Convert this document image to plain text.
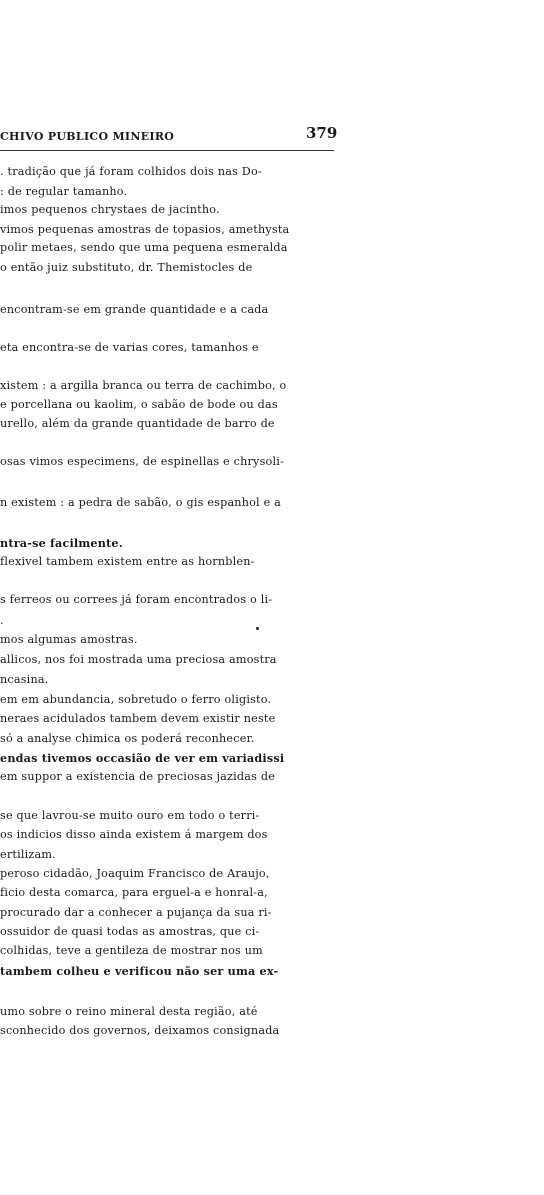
CHIVO PUBLICO MINEIRO	379
. tradição que já foram colhidos dois nas Do-
: de regular tamanho.
imos pequenos chrystaes de jacintho.
vimos pequenas amostras de topasios, amethysta
polir metaes, sendo que uma pequena esmeralda
o então juiz substituto, dr. Themistocles de
encontram-se em grande quantidade e a cada
eta encontra-se de varias cores, tamanhos e
xistem : a argilla branca ou terra de cachimbo, o
e porcellana ou kaolim, o sabão de bode ou das
urello, além da grande quantidade de barro de
osas vimos especimens, de espinellas e chrysoli-
n existem : a pedra de sabão, o gis espanhol e a
ntra-se facilmente.
flexivel tambem existem entre as hornblen-
s ferreos ou correes já foram encontrados o li-
.
mos algumas amostras.
allicos, nos foi mostrada uma preciosa amostra
ncasina.
em em abundancia, sobretudo o ferro oligisto.
neraes acidulados tambem devem existir neste
só a analyse chimica os poderá reconhecer.
endas tivemos occasião de ver em variadissi
em suppor a existencia de preciosas jazidas de
se que lavrou-se muito ouro em todo o terri-
os indicios disso ainda existem á margem dos
ertilizam.
peroso cidadão, Joaquim Francisco de Araujo,
ficio desta comarca, para erguel-a e honral-a,
procurado dar a conhecer a pujança da sua ri-
ossuidor de quasi todas as amostras, que ci-
colhidas, teve a gentileza de mostrar nos um
tambem colheu e verificou não ser uma ex-
umo sobre o reino mineral desta região, até
sconhecido dos governos, deixamos consignada
